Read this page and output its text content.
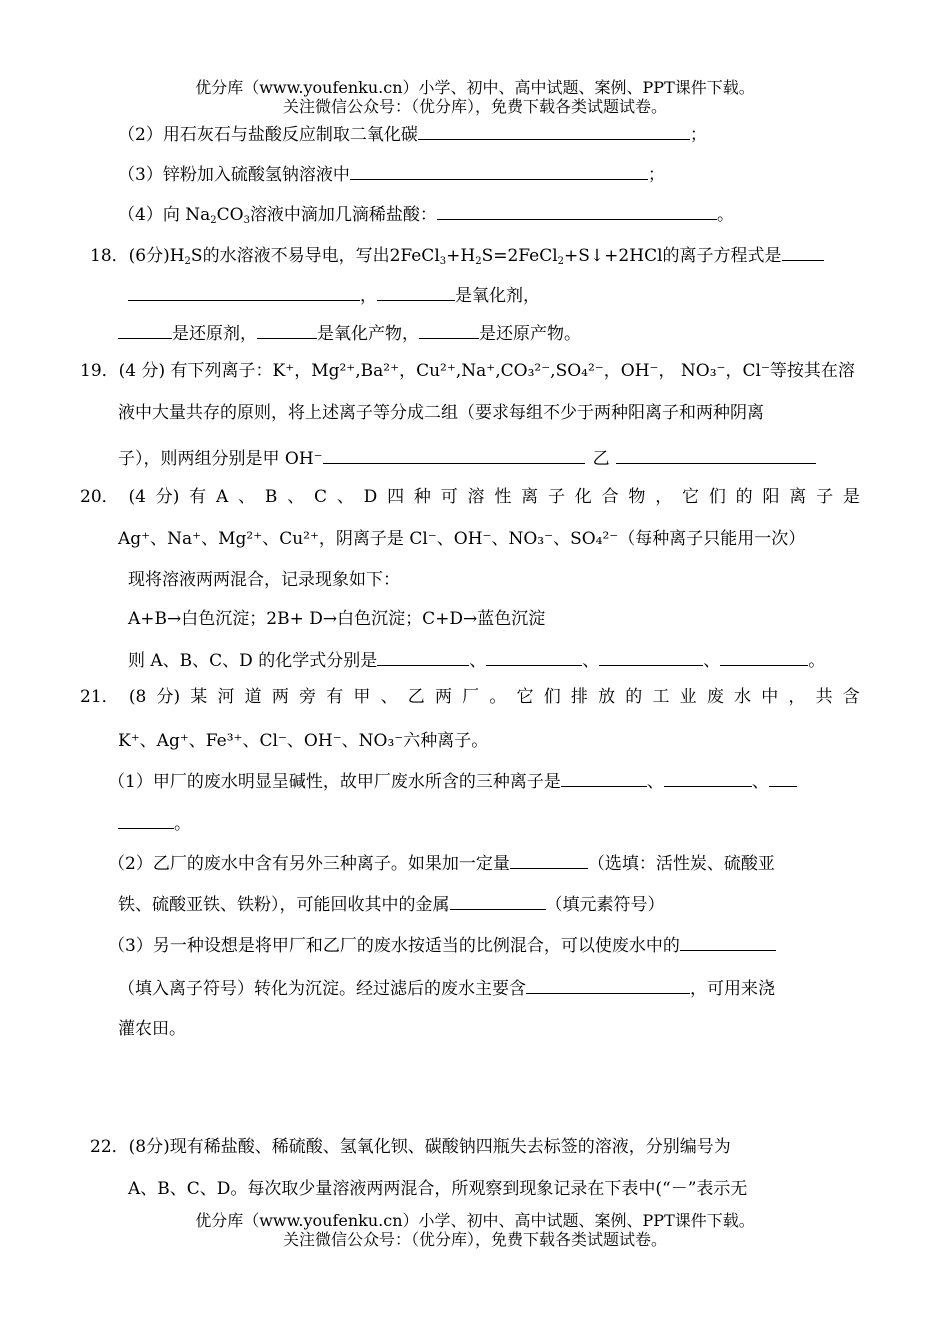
优分库（www.youfenku.cn）小学、初中、高中试题、案例、PPT课件下载。
关注微信公众号：（优分库），免费下载各类试题试卷。
（2）用石灰石与盐酸反应制取二氧化碳	；
（3）锌粉加入硫酸氢钠溶液中	；
（4）向 $Na_2CO_3$溶液中滴加几滴稀盐酸：	。
18．(6分)$H_2S$的水溶液不易导电，写出$2FeCl_3+H_2S=2FeCl_2+S↓+2HCl$的离子方程式是
，	是氧化剂，
是还原剂，	是氧化产物，	是还原产物。
19．(4 分) 有下列离子：K⁺，Mg²⁺,Ba²⁺，Cu²⁺,Na⁺,CO₃²⁻,SO₄²⁻，OH⁻， NO₃⁻，Cl⁻等按其在溶
液中大量共存的原则，将上述离子等分成二组（要求每组不少于两种阳离子和两种阴离
子），则两组分别是甲 OH⁻	乙
20． (4 分) 有 A 、 B 、 C 、 D 四 种 可 溶 性 离 子 化 合 物 ， 它 们 的 阳 离 子 是
Ag⁺、Na⁺、Mg²⁺、Cu²⁺，阴离子是 Cl⁻、OH⁻、NO₃⁻、SO₄²⁻（每种离子只能用一次）
现将溶液两两混合，记录现象如下：
A+B→白色沉淀；2B+ D→白色沉淀；C+D→蓝色沉淀
则 A、B、C、D 的化学式分别是	、	、	、	。
21． (8 分) 某 河 道 两 旁 有 甲 、 乙 两 厂 。 它 们 排 放 的 工 业 废 水 中 ， 共 含
K⁺、Ag⁺、Fe³⁺、Cl⁻、OH⁻、NO₃⁻六种离子。
（1）甲厂的废水明显呈碱性，故甲厂废水所含的三种离子是	、	、
。
（2）乙厂的废水中含有另外三种离子。如果加一定量	（选填：活性炭、硫酸亚
铁、硫酸亚铁、铁粉），可能回收其中的金属	（填元素符号）
（3）另一种设想是将甲厂和乙厂的废水按适当的比例混合，可以使废水中的
（填入离子符号）转化为沉淀。经过滤后的废水主要含	，可用来浇
灌农田。
22．(8分)现有稀盐酸、稀硫酸、氢氧化钡、碳酸钠四瓶失去标签的溶液，分别编号为
A、B、C、D。每次取少量溶液两两混合，所观察到现象记录在下表中(“－”表示无
优分库（www.youfenku.cn）小学、初中、高中试题、案例、PPT课件下载。
关注微信公众号：（优分库），免费下载各类试题试卷。
